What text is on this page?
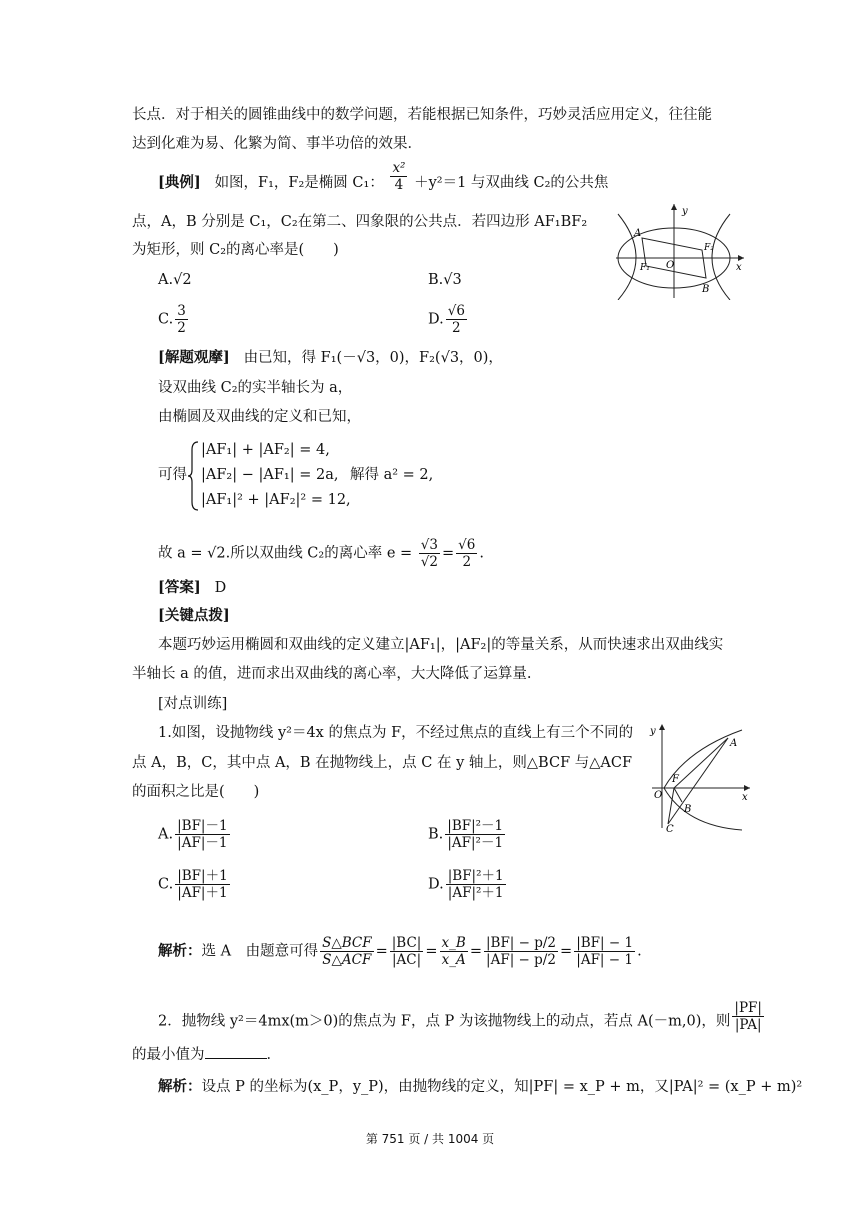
长点．对于相关的圆锥曲线中的数学问题，若能根据已知条件，巧妙灵活应用定义，往往能
达到化难为易、化繁为简、事半功倍的效果．
[典例] 如图，F₁，F₂是椭圆 C₁： $\frac{\text{x²}}{4} +y^2=1$ 与双曲线 C₂的公共焦
点，A，B 分别是 C₁，C₂在第二、四象限的公共点．若四边形 AF₁BF₂
为矩形，则 C₂的离心率是(　　)
A.√2	B.√3
C. $\frac{3}{2}$	D. $\frac{√6}{2}$
y
x
A
B
O
F₁
F₂
[解题观摩] 由已知，得 F₁(－√3，0)，F₂(√3，0)，
设双曲线 C₂的实半轴长为 a，
由椭圆及双曲线的定义和已知，
可得
|AF₁| + |AF₂| = 4,
|AF₂| − |AF₁| = 2a,
|AF₁|² + |AF₂|² = 12,
解得 a² = 2,
故 a = √2.所以双曲线 C₂的离心率 $e = \frac{√3}{√2} = \frac{√6}{2}$ .
[答案] D
[关键点拨]
本题巧妙运用椭圆和双曲线的定义建立|AF₁|，|AF₂|的等量关系，从而快速求出双曲线实
半轴长 a 的值，进而求出双曲线的离心率，大大降低了运算量.
[对点训练]
1.如图，设抛物线 y²＝4x 的焦点为 F，不经过焦点的直线上有三个不同的
点 A，B，C，其中点 A，B 在抛物线上，点 C 在 y 轴上，则△BCF 与△ACF
的面积之比是(　　)
A. $\frac{|BF|-1}{|AF|-1}$	B. $\frac{\text{|BF|²－1}}{\text{|AF|²－1}}$
C. $\frac{|BF|+1}{|AF|+1}$	D. $\frac{\text{|BF|²＋1}}{\text{|AF|²＋1}}$
y
x
A
B
C
O
F
解析：选 A　由题意可得 $\frac{\text{S△BCF}}{\text{S△ACF}} = \frac{|BC|}{|AC|} = \frac{x\_B}{x\_A} = \frac{|BF| - p/2}{|AF| - p/2} = \frac{|BF| - 1}{|AF| - 1}$ .
2．抛物线 y²＝4mx(m＞0)的焦点为 F，点 P 为该抛物线上的动点，若点 A(－m,0)，则 $\frac{|PF|}{|PA|}$
的最小值为	．
解析：设点 P 的坐标为(x_P，y_P)，由抛物线的定义，知|PF| = x_P + m，又|PA|² = (x_P + m)²
第 751 页 / 共 1004 页
